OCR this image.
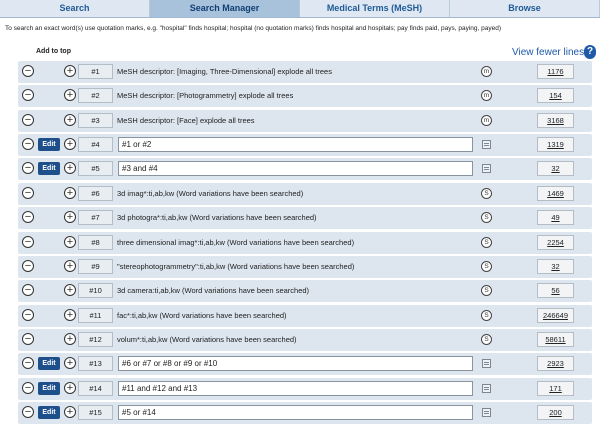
Search	Search Manager	Medical Terms (MeSH)	Browse
To search an exact word(s) use quotation marks, e.g. "hospital" finds hospital; hospital (no quotation marks) finds hospital and hospitals; pay finds paid, pays, paying, payed)
Add to top	View fewer lines ?
−	+	#1	MeSH descriptor: [Imaging, Three-Dimensional] explode all trees	m	1176
−	+	#2	MeSH descriptor: [Photogrammetry] explode all trees	m	154
−	+	#3	MeSH descriptor: [Face] explode all trees	m	3168
−	Edit	+	#4	#1 or #2	1319
−	Edit	+	#5	#3 and #4	32
−	+	#6	3d imag*:ti,ab,kw (Word variations have been searched)	S	1469
−	+	#7	3d photogra*:ti,ab,kw (Word variations have been searched)	S	49
−	+	#8	three dimensional imag*:ti,ab,kw (Word variations have been searched)	S	2254
−	+	#9	"stereophotogrammetry":ti,ab,kw (Word variations have been searched)	S	32
−	+	#10	3d camera:ti,ab,kw (Word variations have been searched)	S	56
−	+	#11	fac*:ti,ab,kw (Word variations have been searched)	S	246649
−	+	#12	volum*:ti,ab,kw (Word variations have been searched)	S	58611
−	Edit	+	#13	#6 or #7 or #8 or #9 or #10	2923
−	Edit	+	#14	#11 and #12 and #13	171
−	Edit	+	#15	#5 or #14	200
